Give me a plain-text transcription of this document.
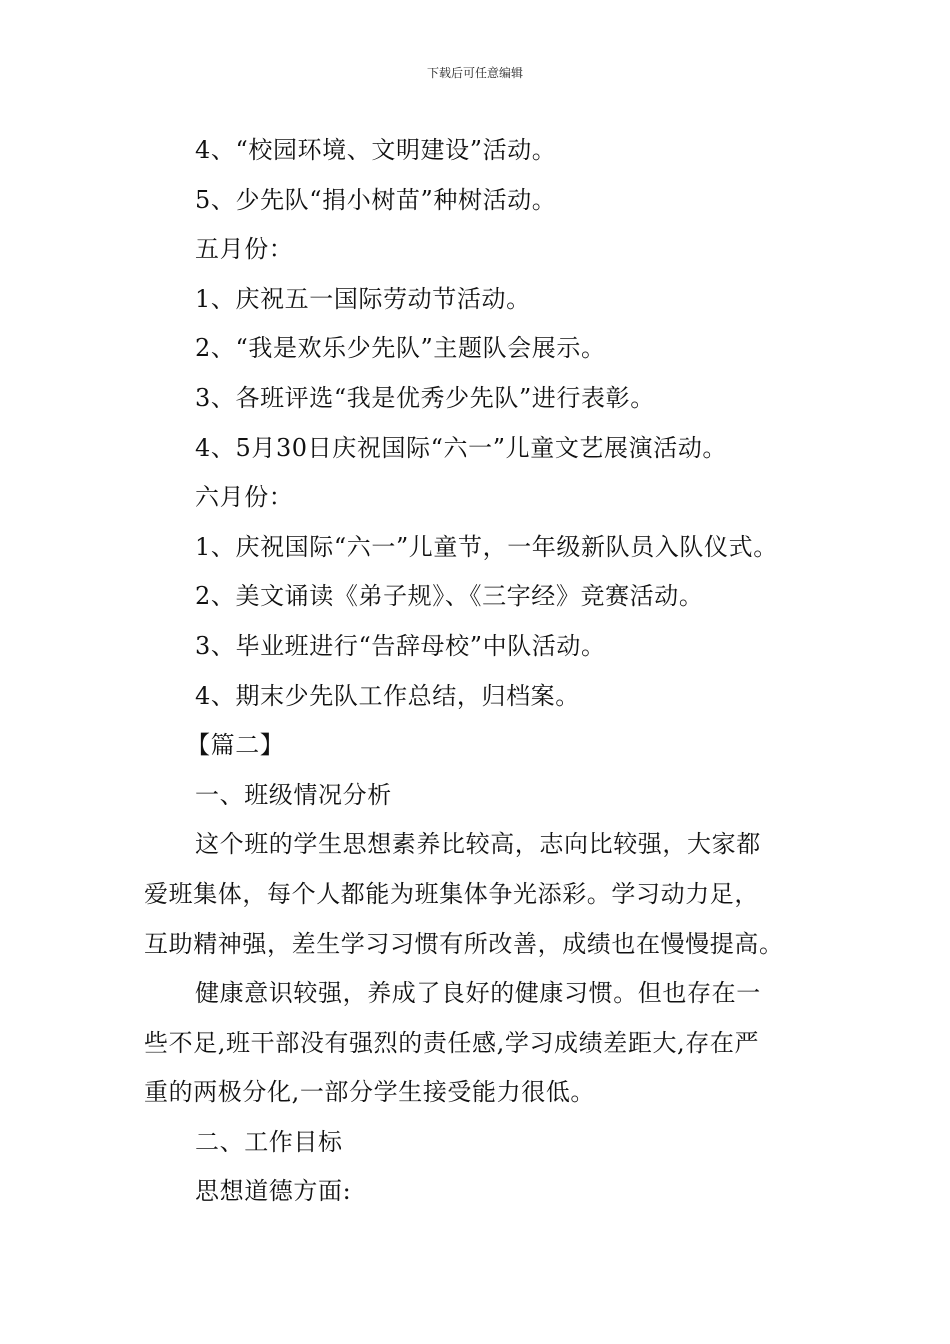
下载后可任意编辑
4、“校园环境、文明建设”活动。
5、少先队“捐小树苗”种树活动。
五月份：
1、庆祝五一国际劳动节活动。
2、“我是欢乐少先队”主题队会展示。
3、各班评选“我是优秀少先队”进行表彰。
4、5月30日庆祝国际“六一”儿童文艺展演活动。
六月份：
1、庆祝国际“六一”儿童节，一年级新队员入队仪式。
2、美文诵读《弟子规》、《三字经》竞赛活动。
3、毕业班进行“告辞母校”中队活动。
4、期末少先队工作总结，归档案。
【篇二】
一、班级情况分析
这个班的学生思想素养比较高，志向比较强，大家都
爱班集体，每个人都能为班集体争光添彩。学习动力足，
互助精神强，差生学习习惯有所改善，成绩也在慢慢提高。
健康意识较强，养成了良好的健康习惯。但也存在一
些不足,班干部没有强烈的责任感,学习成绩差距大,存在严
重的两极分化,一部分学生接受能力很低。
二、工作目标
思想道德方面:
